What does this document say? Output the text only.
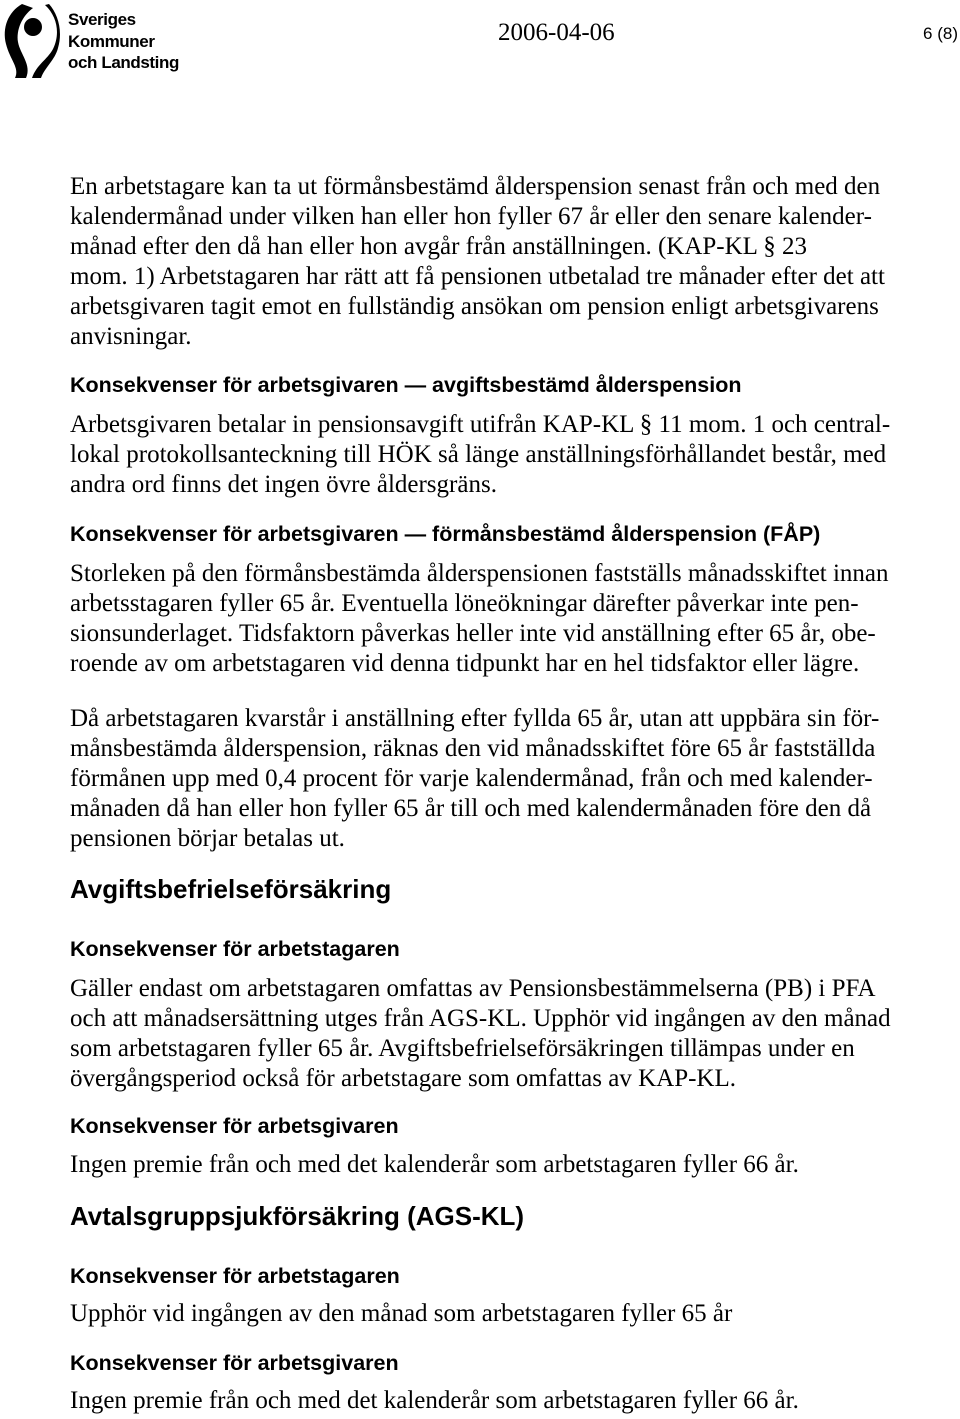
Sveriges
Kommuner
och Landsting
2006-04-06	6 (8)
En arbetstagare kan ta ut förmånsbestämd ålderspension senast från och med den
kalendermånad under vilken han eller hon fyller 67 år eller den senare kalender-
månad efter den då han eller hon avgår från anställningen. (KAP-KL § 23
mom. 1) Arbetstagaren har rätt att få pensionen utbetalad tre månader efter det att
arbetsgivaren tagit emot en fullständig ansökan om pension enligt arbetsgivarens
anvisningar.
Konsekvenser för arbetsgivaren — avgiftsbestämd ålderspension
Arbetsgivaren betalar in pensionsavgift utifrån KAP-KL § 11 mom. 1 och central-
lokal protokollsanteckning till HÖK så länge anställningsförhållandet består, med
andra ord finns det ingen övre åldersgräns.
Konsekvenser för arbetsgivaren — förmånsbestämd ålderspension (FÅP)
Storleken på den förmånsbestämda ålderspensionen fastställs månadsskiftet innan
arbetsstagaren fyller 65 år. Eventuella löneökningar därefter påverkar inte pen-
sionsunderlaget. Tidsfaktorn påverkas heller inte vid anställning efter 65 år, obe-
roende av om arbetstagaren vid denna tidpunkt har en hel tidsfaktor eller lägre.
Då arbetstagaren kvarstår i anställning efter fyllda 65 år, utan att uppbära sin för-
månsbestämda ålderspension, räknas den vid månadsskiftet före 65 år fastställda
förmånen upp med 0,4 procent för varje kalendermånad, från och med kalender-
månaden då han eller hon fyller 65 år till och med kalendermånaden före den då
pensionen börjar betalas ut.
Avgiftsbefrielseförsäkring
Konsekvenser för arbetstagaren
Gäller endast om arbetstagaren omfattas av Pensionsbestämmelserna (PB) i PFA
och att månadsersättning utges från AGS-KL. Upphör vid ingången av den månad
som arbetstagaren fyller 65 år. Avgiftsbefrielseförsäkringen tillämpas under en
övergångsperiod också för arbetstagare som omfattas av KAP-KL.
Konsekvenser för arbetsgivaren
Ingen premie från och med det kalenderår som arbetstagaren fyller 66 år.
Avtalsgruppsjukförsäkring (AGS-KL)
Konsekvenser för arbetstagaren
Upphör vid ingången av den månad som arbetstagaren fyller 65 år
Konsekvenser för arbetsgivaren
Ingen premie från och med det kalenderår som arbetstagaren fyller 66 år.
